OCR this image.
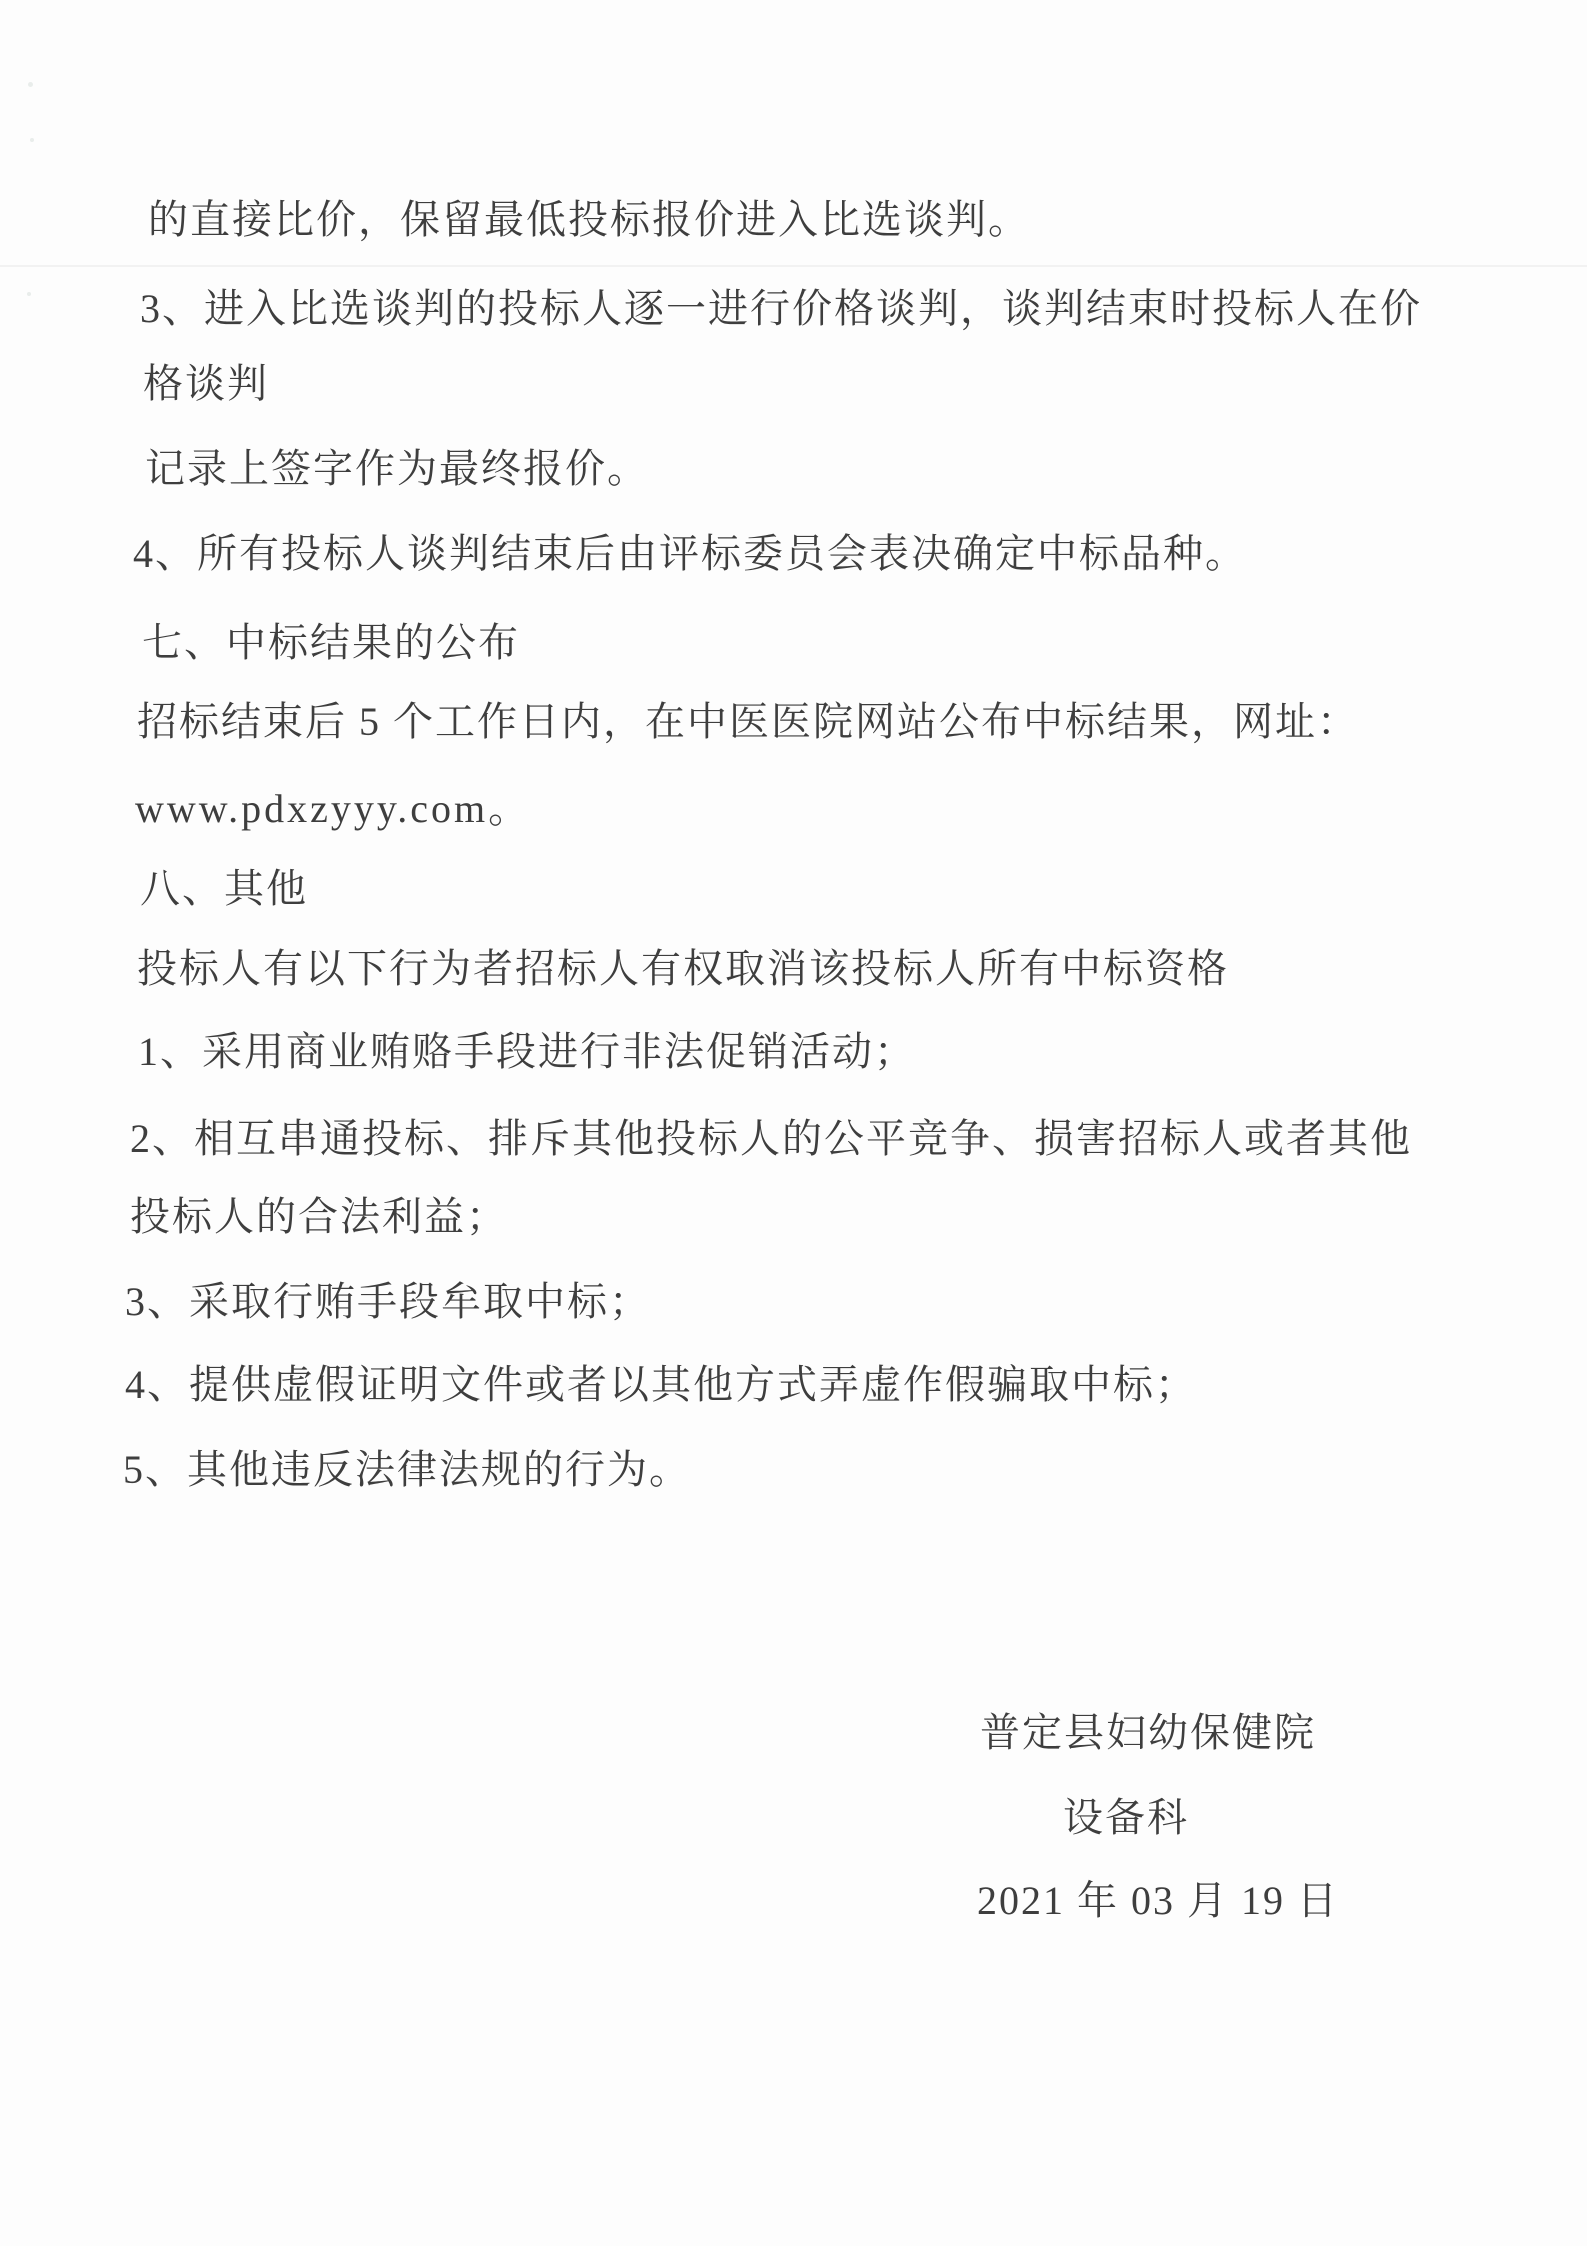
的直接比价，保留最低投标报价进入比选谈判。
3、进入比选谈判的投标人逐一进行价格谈判，谈判结束时投标人在价
格谈判
记录上签字作为最终报价。
4、所有投标人谈判结束后由评标委员会表决确定中标品种。
七、中标结果的公布
招标结束后 5 个工作日内，在中医医院网站公布中标结果，网址：
www.pdxzyyy.com。
八、其他
投标人有以下行为者招标人有权取消该投标人所有中标资格
1、采用商业贿赂手段进行非法促销活动；
2、相互串通投标、排斥其他投标人的公平竞争、损害招标人或者其他
投标人的合法利益；
3、采取行贿手段牟取中标；
4、提供虚假证明文件或者以其他方式弄虚作假骗取中标；
5、其他违反法律法规的行为。
普定县妇幼保健院
设备科
2021 年 03 月 19 日
